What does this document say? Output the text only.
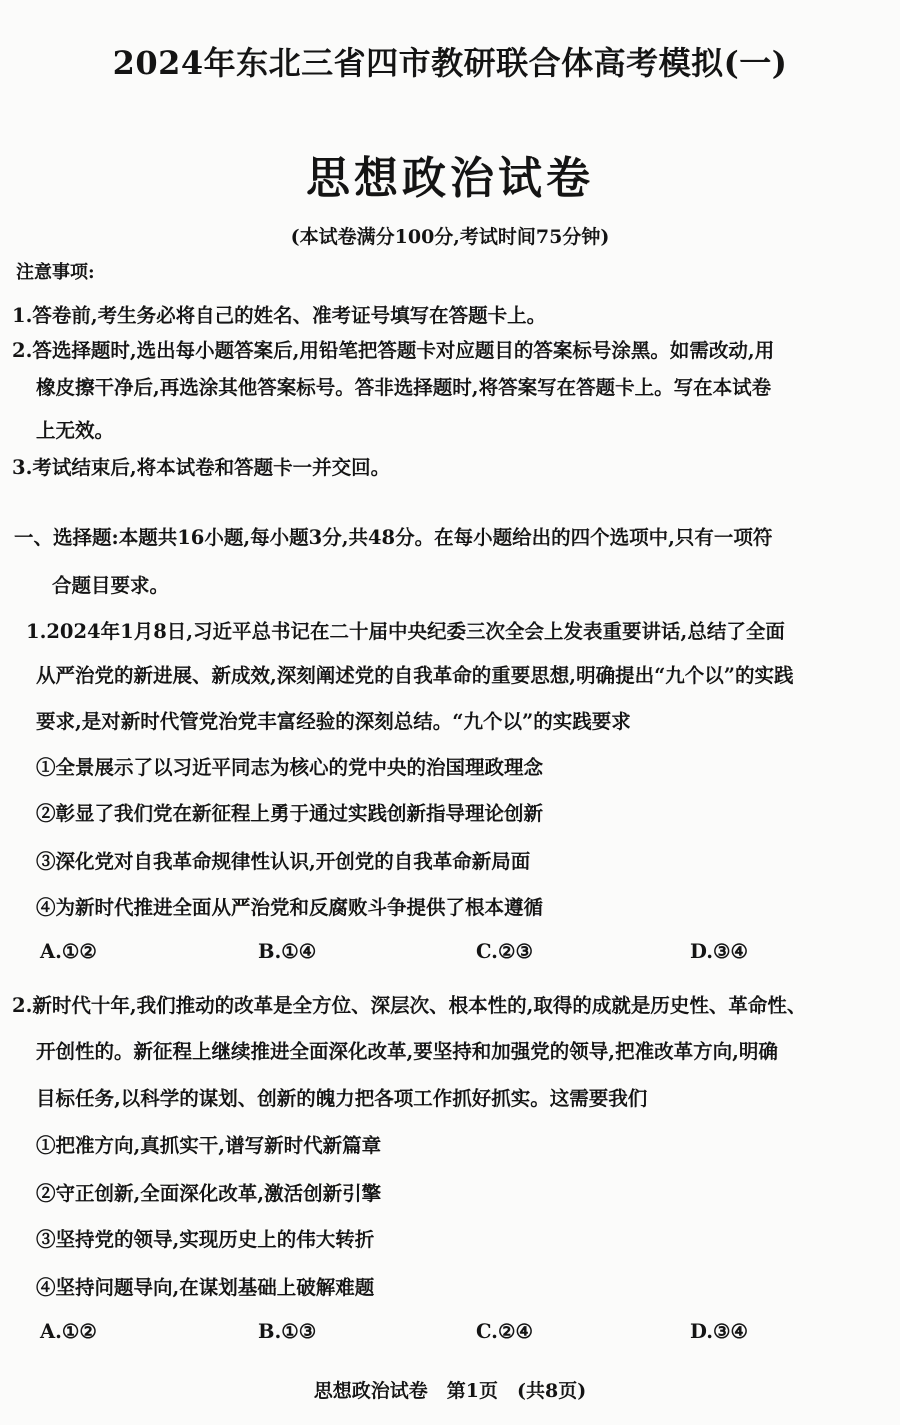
2024年东北三省四市教研联合体高考模拟(一)
思想政治试卷
(本试卷满分100分,考试时间75分钟)
注意事项:
1.答卷前,考生务必将自己的姓名、准考证号填写在答题卡上。
2.答选择题时,选出每小题答案后,用铅笔把答题卡对应题目的答案标号涂黑。如需改动,用
橡皮擦干净后,再选涂其他答案标号。答非选择题时,将答案写在答题卡上。写在本试卷
上无效。
3.考试结束后,将本试卷和答题卡一并交回。
一、选择题:本题共16小题,每小题3分,共48分。在每小题给出的四个选项中,只有一项符
合题目要求。
1.2024年1月8日,习近平总书记在二十届中央纪委三次全会上发表重要讲话,总结了全面
从严治党的新进展、新成效,深刻阐述党的自我革命的重要思想,明确提出“九个以”的实践
要求,是对新时代管党治党丰富经验的深刻总结。“九个以”的实践要求
①全景展示了以习近平同志为核心的党中央的治国理政理念
②彰显了我们党在新征程上勇于通过实践创新指导理论创新
③深化党对自我革命规律性认识,开创党的自我革命新局面
④为新时代推进全面从严治党和反腐败斗争提供了根本遵循
A.①②	B.①④	C.②③	D.③④
2.新时代十年,我们推动的改革是全方位、深层次、根本性的,取得的成就是历史性、革命性、
开创性的。新征程上继续推进全面深化改革,要坚持和加强党的领导,把准改革方向,明确
目标任务,以科学的谋划、创新的魄力把各项工作抓好抓实。这需要我们
①把准方向,真抓实干,谱写新时代新篇章
②守正创新,全面深化改革,激活创新引擎
③坚持党的领导,实现历史上的伟大转折
④坚持问题导向,在谋划基础上破解难题
A.①②	B.①③	C.②④	D.③④
思想政治试卷　第1页　(共8页)
